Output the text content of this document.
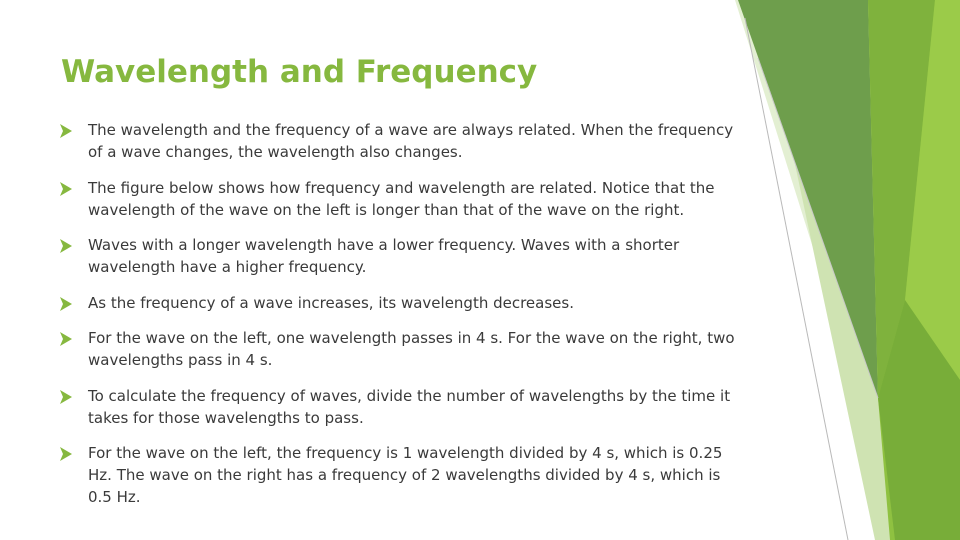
Wavelength and Frequency
The wavelength and the frequency of a wave are always related. When the frequency of a wave changes, the wavelength also changes.
The figure below shows how frequency and wavelength are related. Notice that the wavelength of the wave on the left is longer than that of the wave on the right.
Waves with a longer wavelength have a lower frequency. Waves with a shorter wavelength have a higher frequency.
As the frequency of a wave increases, its wavelength decreases.
For the wave on the left, one wavelength passes in 4 s. For the wave on the right, two wavelengths pass in 4 s.
To calculate the frequency of waves, divide the number of wavelengths by the time it takes for those wavelengths to pass.
For the wave on the left, the frequency is 1 wavelength divided by 4 s, which is 0.25 Hz. The wave on the right has a frequency of 2 wavelengths divided by 4 s, which is 0.5 Hz.
